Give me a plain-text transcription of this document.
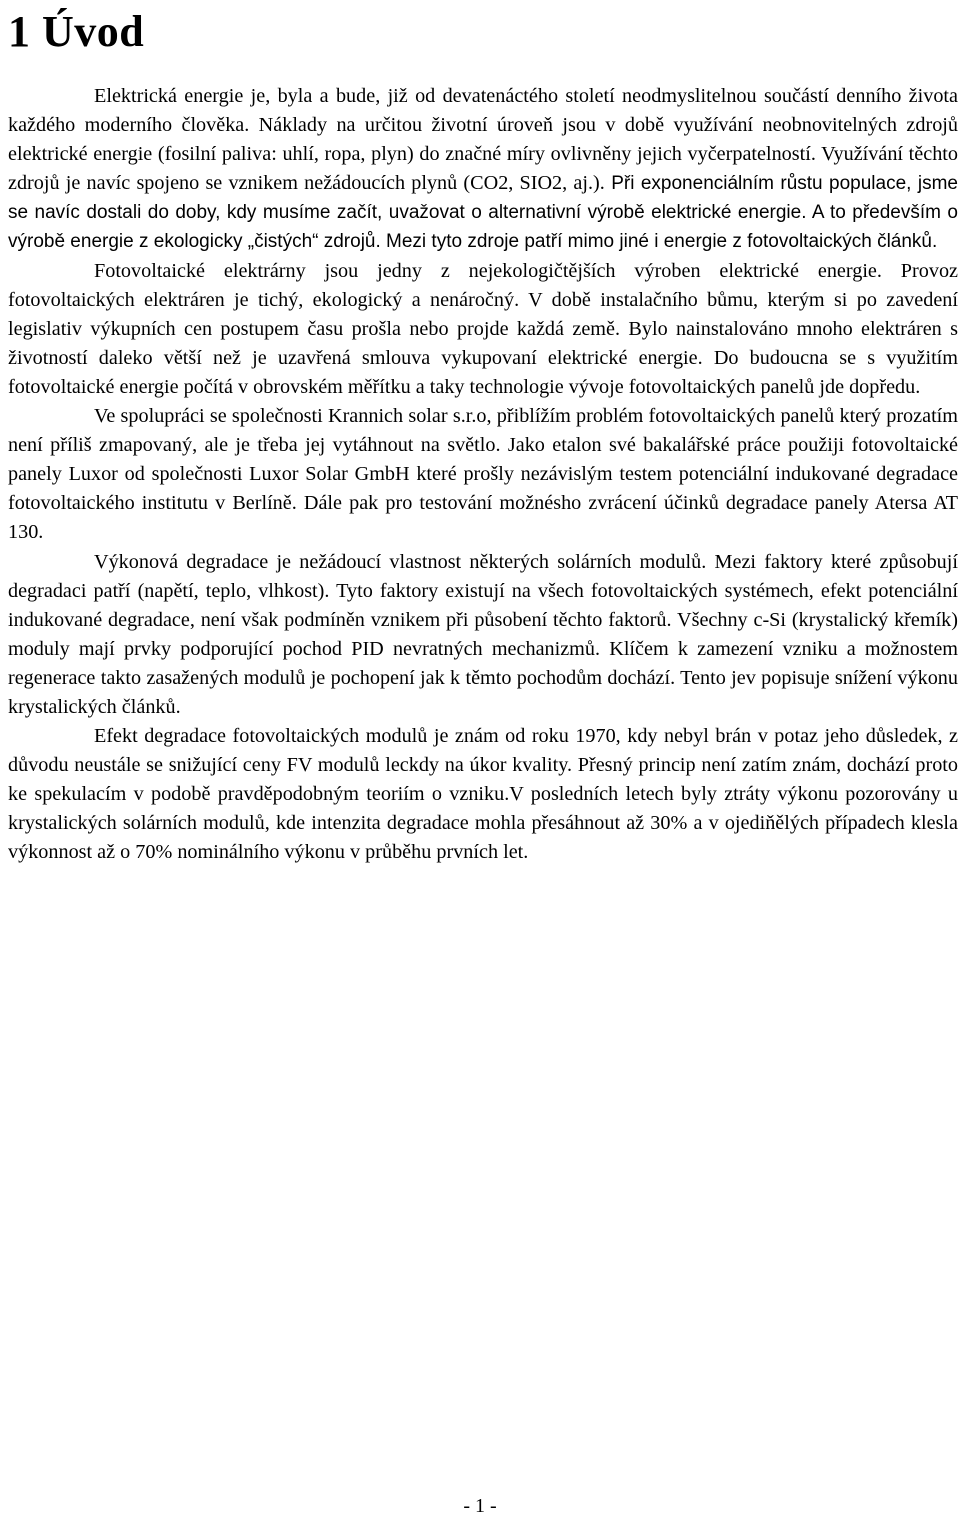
1 Úvod

Elektrická energie je, byla a bude, již od devatenáctého století neodmyslitelnou součástí denního života každého moderního člověka. Náklady na určitou životní úroveň jsou v době využívání neobnovitelných zdrojů elektrické energie (fosilní paliva: uhlí, ropa, plyn) do značné míry ovlivněny jejich vyčerpatelností. Využívání těchto zdrojů je navíc spojeno se vznikem nežádoucích plynů (CO2, SIO2, aj.). Při exponenciálním růstu populace, jsme se navíc dostali do doby, kdy musíme začít, uvažovat o alternativní výrobě elektrické energie. A to především o výrobě energie z ekologicky „čistých“ zdrojů. Mezi tyto zdroje patří mimo jiné i energie z fotovoltaických článků.

Fotovoltaické elektrárny jsou jedny z nejekologičtějších výroben elektrické energie. Provoz fotovoltaických elektráren je tichý, ekologický a nenáročný. V době instalačního bůmu, kterým si po zavedení legislativ výkupních cen postupem času prošla nebo projde každá země. Bylo nainstalováno mnoho elektráren s životností daleko větší než je uzavřená smlouva vykupovaní elektrické energie. Do budoucna se s využitím fotovoltaické energie počítá v obrovském měřítku a taky technologie vývoje fotovoltaických panelů jde dopředu.

Ve spolupráci se společnosti Krannich solar s.r.o, přiblížím problém fotovoltaických panelů který prozatím není příliš zmapovaný, ale je třeba jej vytáhnout na světlo. Jako etalon své bakalářské práce použiji fotovoltaické panely Luxor od společnosti Luxor Solar GmbH které prošly nezávislým testem potenciální indukované degradace fotovoltaického institutu v Berlíně. Dále pak pro testování možnésho zvrácení účinků degradace panely Atersa AT 130.

Výkonová degradace je nežádoucí vlastnost některých solárních modulů. Mezi faktory které způsobují degradaci patří (napětí, teplo, vlhkost). Tyto faktory existují na všech fotovoltaických systémech, efekt potenciální indukované degradace, není však podmíněn vznikem při působení těchto faktorů. Všechny c-Si (krystalický křemík) moduly mají prvky podporující pochod PID nevratných mechanizmů. Klíčem k zamezení vzniku a možnostem regenerace takto zasažených modulů je pochopení jak k těmto pochodům dochází. Tento jev popisuje snížení výkonu krystalických článků.

Efekt degradace fotovoltaických modulů je znám od roku 1970, kdy nebyl brán v potaz jeho důsledek, z důvodu neustále se snižující ceny FV modulů leckdy na úkor kvality. Přesný princip není zatím znám, dochází proto ke spekulacím v podobě pravděpodobným teoriím o vzniku.V posledních letech byly ztráty výkonu pozorovány u krystalických solárních modulů, kde intenzita degradace mohla přesáhnout až 30% a v ojediňělých případech klesla výkonnost až o 70% nominálního výkonu v průběhu prvních let.

- 1 -
